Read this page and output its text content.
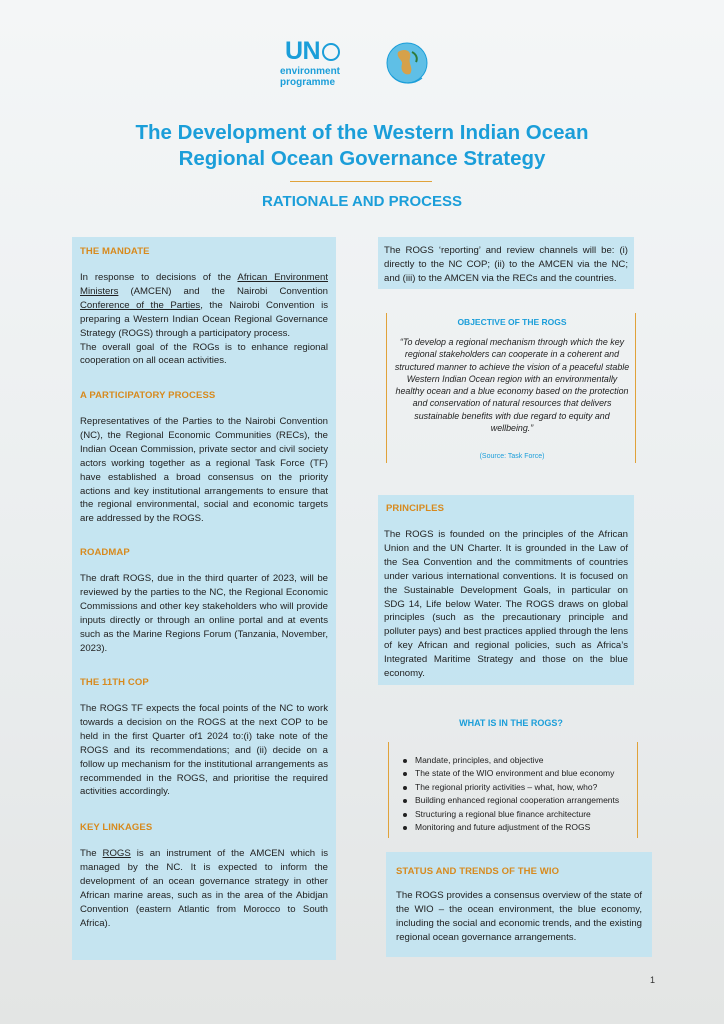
UN
environment
programme
The Development of the Western Indian Ocean
Regional Ocean Governance Strategy
RATIONALE AND PROCESS
THE MANDATE

In response to decisions of the African Environment Ministers (AMCEN) and the Nairobi Convention Conference of the Parties, the Nairobi Convention is preparing a Western Indian Ocean Regional Governance Strategy (ROGS) through a participatory process.

The overall goal of the ROGs is to enhance regional cooperation on all ocean activities.

A PARTICIPATORY PROCESS

Representatives of the Parties to the Nairobi Convention (NC), the Regional Economic Communities (RECs), the Indian Ocean Commission, private sector and civil society actors working together as a regional Task Force (TF) have established a broad consensus on the priority actions and key institutional arrangements to ensure that the regional environmental, social and economic targets are addressed by the ROGS.

ROADMAP

The draft ROGS, due in the third quarter of 2023, will be reviewed by the parties to the NC, the Regional Economic Commissions and other key stakeholders who will provide inputs directly or through an online portal and at events such as the Marine Regions Forum (Tanzania, November, 2023).

THE 11TH COP

The ROGS TF expects the focal points of the NC to work towards a decision on the ROGS at the next COP to be held in the first Quarter of1 2024 to:(i) take note of the ROGS and its recommendations; and (ii) decide on a follow up mechanism for the institutional arrangements as recommended in the ROGS, and prioritise the required activities accordingly.

KEY LINKAGES

The ROGS is an instrument of the AMCEN which is managed by the NC. It is expected to inform the development of an ocean governance strategy in other African marine areas, such as in the area of the Abidjan Convention (eastern Atlantic from Morocco to South Africa).

The ROGS ‘reporting’ and review channels will be: (i) directly to the NC COP; (ii) to the AMCEN via the NC; and (iii) to the AMCEN via the RECs and the countries.

OBJECTIVE OF THE ROGS
“To develop a regional mechanism through which the key regional stakeholders can cooperate in a coherent and structured manner to achieve the vision of a peaceful stable Western Indian Ocean region with an environmentally healthy ocean and a blue economy based on the protection and conservation of natural resources that delivers sustainable benefits with due regard to equity and wellbeing.”
(Source: Task Force)
PRINCIPLES

The ROGS is founded on the principles of the African Union and the UN Charter. It is grounded in the Law of the Sea Convention and the commitments of countries under various international conventions. It is focused on the Sustainable Development Goals, in particular on SDG 14, Life below Water. The ROGS draws on global principles (such as the precautionary principle and polluter pays) and best practices applied through the lens of key African and regional policies, such as Africa’s Integrated Maritime Strategy and those on the blue economy.

WHAT IS IN THE ROGS?
Mandate, principles, and objective
The state of the WIO environment and blue economy
The regional priority activities – what, how, who?
Building enhanced regional cooperation arrangements
Structuring a regional blue finance architecture
Monitoring and future adjustment of the ROGS
STATUS AND TRENDS OF THE WIO

The ROGS provides a consensus overview of the state of the WIO – the ocean environment, the blue economy, including the social and economic trends, and the existing regional ocean governance arrangements.

1
